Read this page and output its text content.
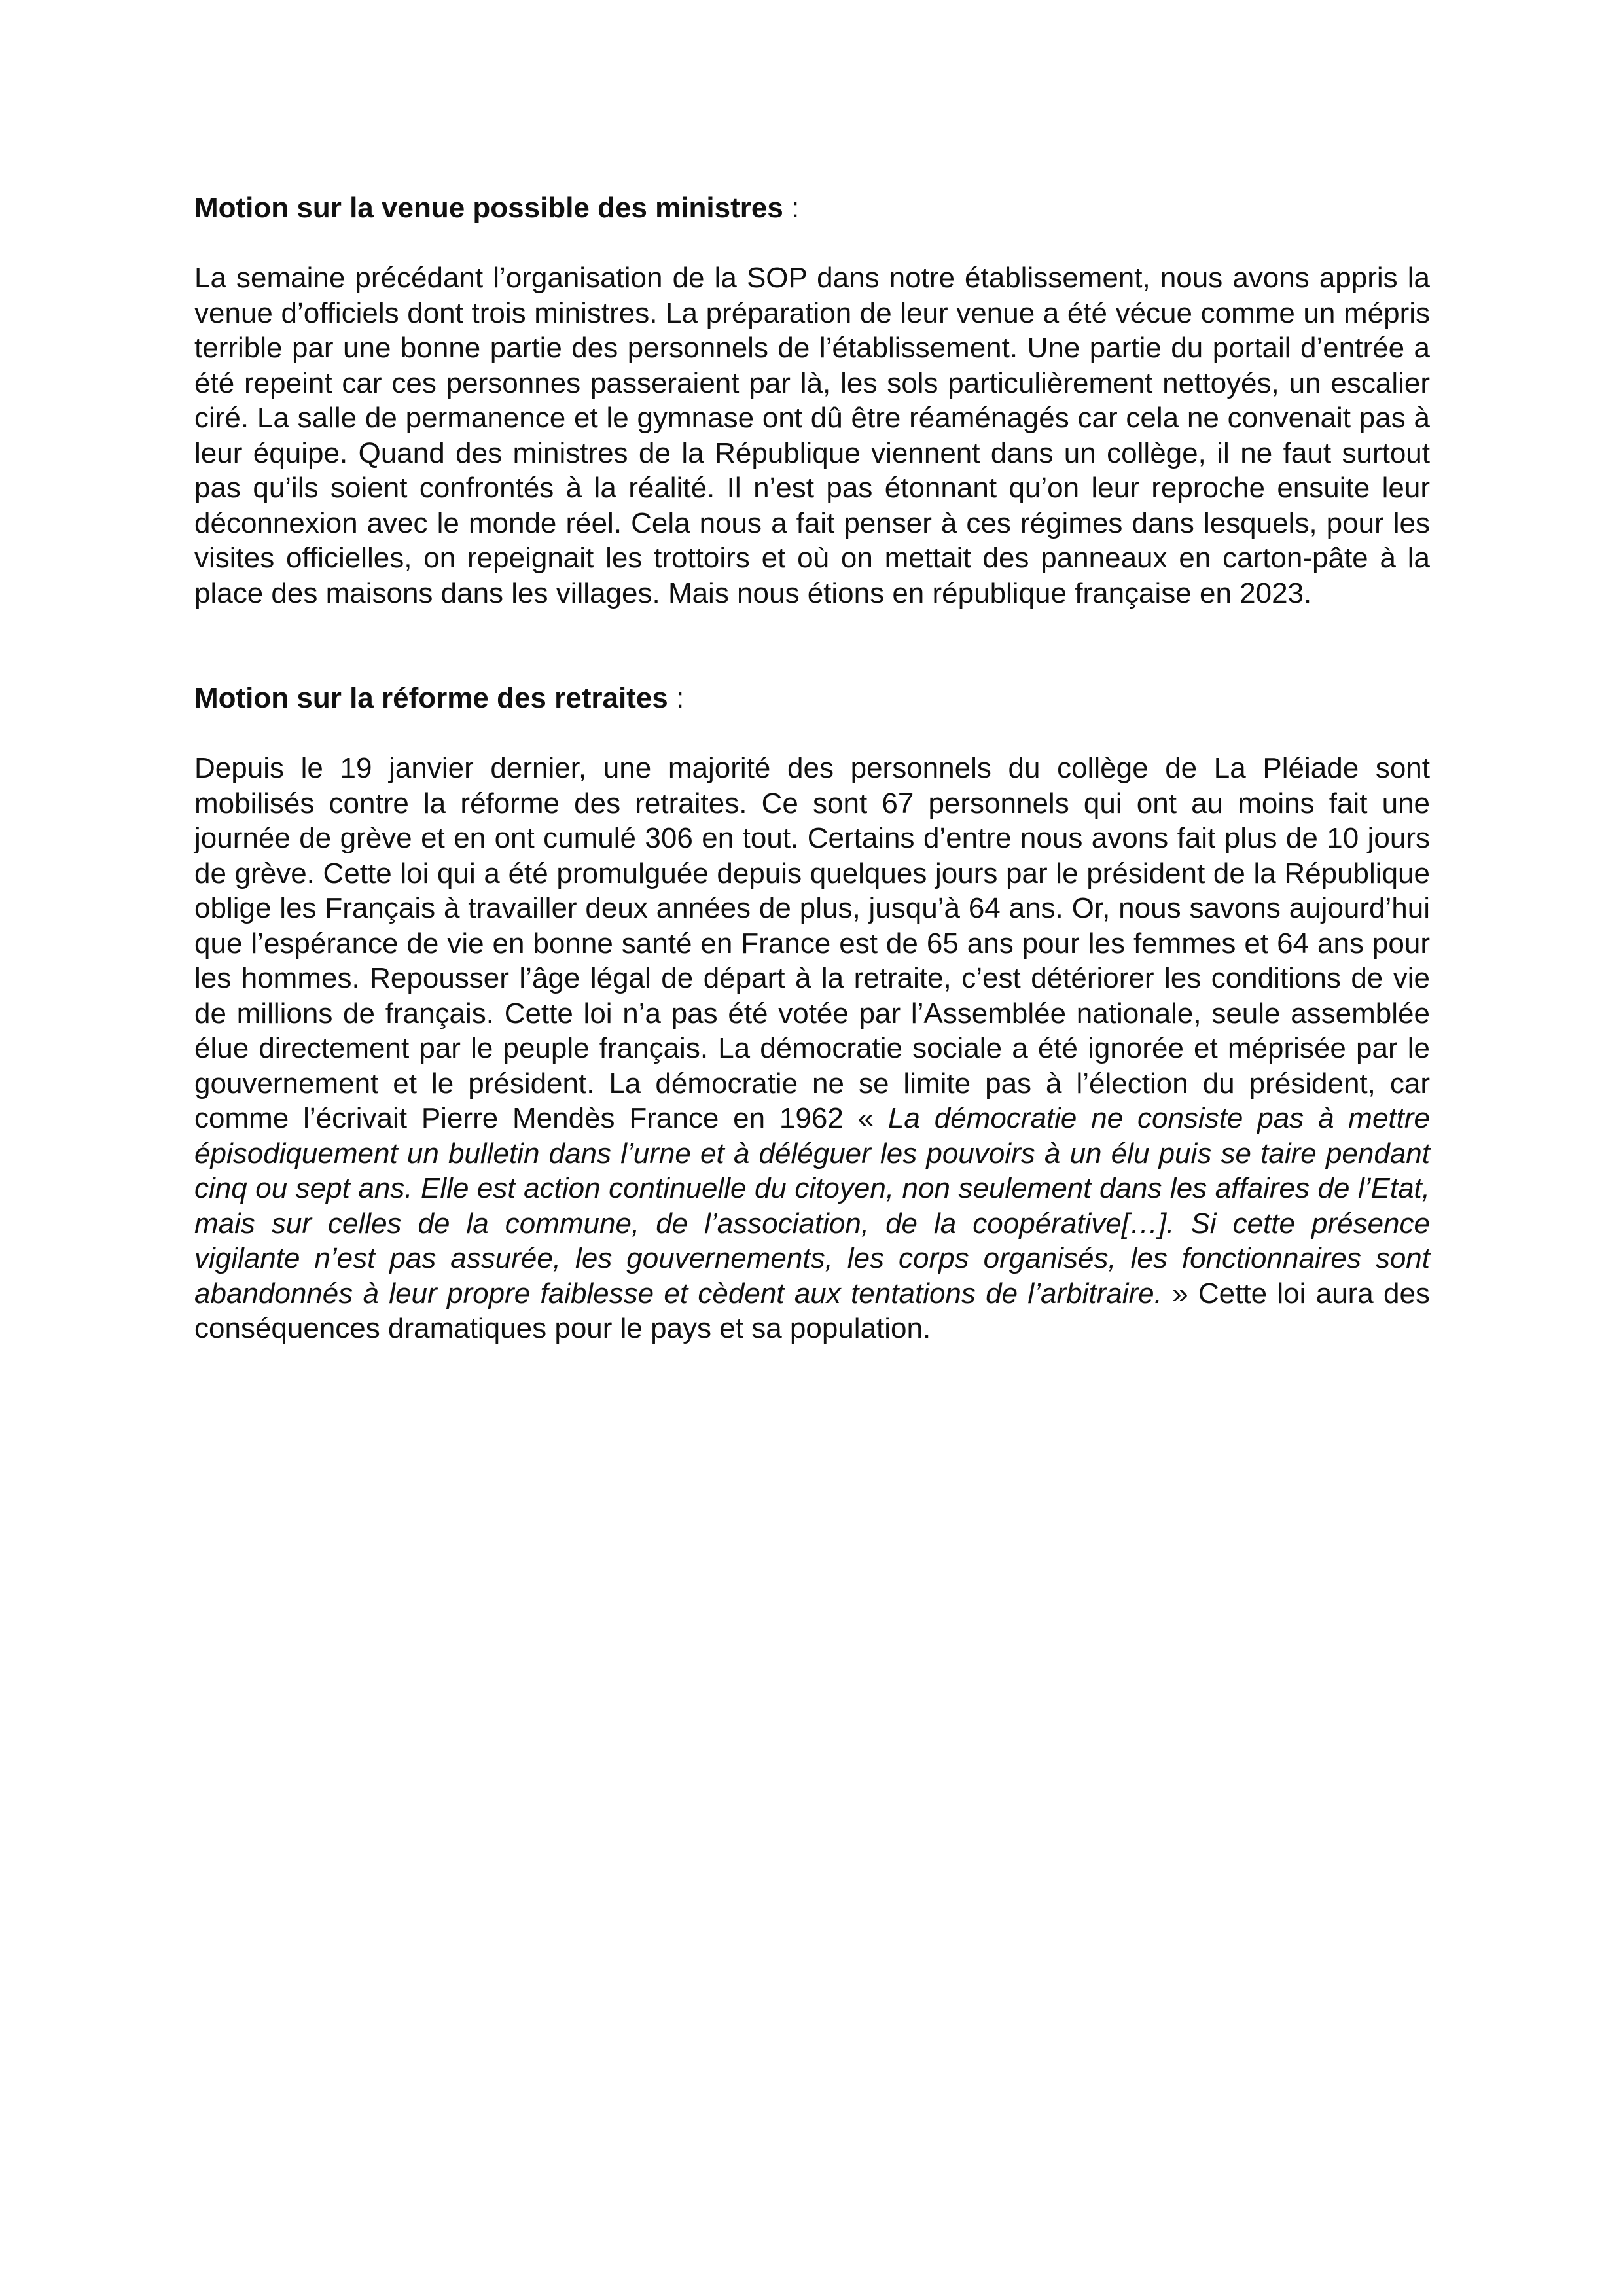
Motion sur la venue possible des ministres :

La semaine précédant l’organisation de la SOP dans notre établissement, nous avons appris la venue d’officiels dont trois ministres. La préparation de leur venue a été vécue comme un mépris terrible par une bonne partie des personnels de l’établissement. Une partie du portail d’entrée a été repeint car ces personnes passeraient par là, les sols particulièrement nettoyés, un escalier ciré. La salle de permanence et le gymnase ont dû être réaménagés car cela ne convenait pas à leur équipe. Quand des ministres de la République viennent dans un collège, il ne faut surtout pas qu’ils soient confrontés à la réalité. Il n’est pas étonnant qu’on leur reproche ensuite leur déconnexion avec le monde réel. Cela nous a fait penser à ces régimes dans lesquels, pour les visites officielles, on repeignait les trottoirs et où on mettait des panneaux en carton-pâte à la place des maisons dans les villages. Mais nous étions en république française en 2023.

Motion sur la réforme des retraites :

Depuis le 19 janvier dernier, une majorité des personnels du collège de La Pléiade sont mobilisés contre la réforme des retraites. Ce sont 67 personnels qui ont au moins fait une journée de grève et en ont cumulé 306 en tout. Certains d’entre nous avons fait plus de 10 jours de grève. Cette loi qui a été promulguée depuis quelques jours par le président de la République oblige les Français à travailler deux années de plus, jusqu’à 64 ans. Or, nous savons aujourd’hui que l’espérance de vie en bonne santé en France est de 65 ans pour les femmes et 64 ans pour les hommes. Repousser l’âge légal de départ à la retraite, c’est détériorer les conditions de vie de millions de français. Cette loi n’a pas été votée par l’Assemblée nationale, seule assemblée élue directement par le peuple français. La démocratie sociale a été ignorée et méprisée par le gouvernement et le président. La démocratie ne se limite pas à l’élection du président, car comme l’écrivait Pierre Mendès France en 1962 « La démocratie ne consiste pas à mettre épisodiquement un bulletin dans l’urne et à déléguer les pouvoirs à un élu puis se taire pendant cinq ou sept ans. Elle est action continuelle du citoyen, non seulement dans les affaires de l’Etat, mais sur celles de la commune, de l’association, de la coopérative[…]. Si cette présence vigilante n’est pas assurée, les gouvernements, les corps organisés, les fonctionnaires sont abandonnés à leur propre faiblesse et cèdent aux tentations de l’arbitraire. » Cette loi aura des conséquences dramatiques pour le pays et sa population.
